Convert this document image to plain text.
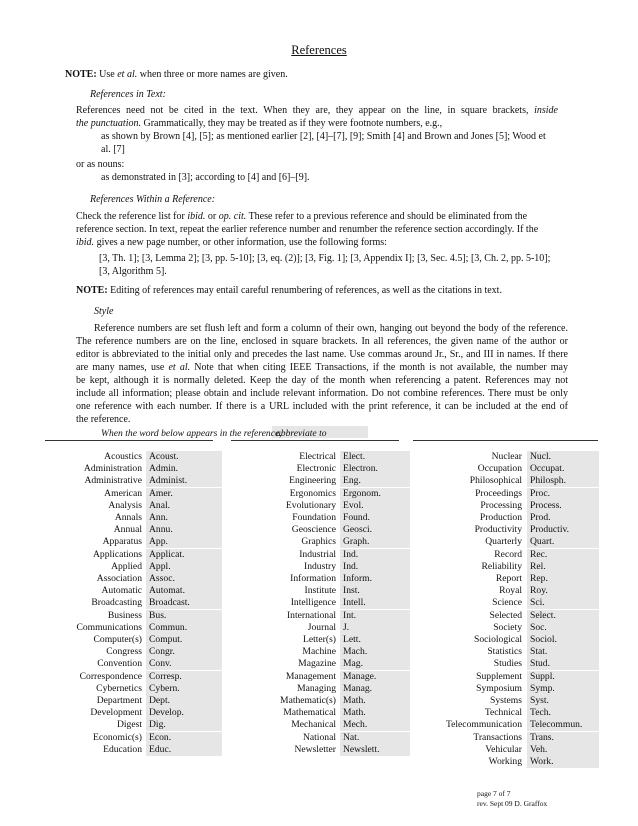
References
NOTE: Use et al. when three or more names are given.
References in Text:
References need not be cited in the text. When they are, they appear on the line, in square brackets, inside
the punctuation. Grammatically, they may be treated as if they were footnote numbers, e.g.,
as shown by Brown [4], [5]; as mentioned earlier [2], [4]–[7], [9]; Smith [4] and Brown and Jones [5]; Wood et
al. [7]
or as nouns:
as demonstrated in [3]; according to [4] and [6]–[9].
References Within a Reference:
Check the reference list for ibid. or op. cit. These refer to a previous reference and should be eliminated from the
reference section. In text, repeat the earlier reference number and renumber the reference section accordingly. If the
ibid. gives a new page number, or other information, use the following forms:
[3, Th. 1]; [3, Lemma 2]; [3, pp. 5-10]; [3, eq. (2)]; [3, Fig. 1]; [3, Appendix I]; [3, Sec. 4.5]; [3, Ch. 2, pp. 5-10];
[3, Algorithm 5].
NOTE: Editing of references may entail careful renumbering of references, as well as the citations in text.
Style
Reference numbers are set flush left and form a column of their own, hanging out beyond the body of the reference.
The reference numbers are on the line, enclosed in square brackets. In all references, the given name of the author or
editor is abbreviated to the initial only and precedes the last name. Use commas around Jr., Sr., and III in names. If there
are many names, use et al. Note that when citing IEEE Transactions, if the month is not available, the number may
be kept, although it is normally deleted. Keep the day of the month when referencing a patent. References may not
include all information; please obtain and include relevant information. Do not combine references. There must be only
one reference with each number. If there is a URL included with the print reference, it can be included at the end of
the reference.
When the word below appears in the reference,
abbreviate to
Acoustics Acoust.
Administration Admin.
Administrative Administ.
American Amer.
Analysis Anal.
Annals Ann.
Annual Annu.
Apparatus App.
Applications Applicat.
Applied Appl.
Association Assoc.
Automatic Automat.
Broadcasting Broadcast.
Business Bus.
Communications Commun.
Computer(s) Comput.
Congress Congr.
Convention Conv.
Correspondence Corresp.
Cybernetics Cybern.
Department Dept.
Development Develop.
Digest Dig.
Economic(s) Econ.
Education Educ.
Electrical Elect.
Electronic Electron.
Engineering Eng.
Ergonomics Ergonom.
Evolutionary Evol.
Foundation Found.
Geoscience Geosci.
Graphics Graph.
Industrial Ind.
Industry Ind.
Information Inform.
Institute Inst.
Intelligence Intell.
International Int.
Journal J.
Letter(s) Lett.
Machine Mach.
Magazine Mag.
Management Manage.
Managing Manag.
Mathematic(s) Math.
Mathematical Math.
Mechanical Mech.
National Nat.
Newsletter Newslett.
Nuclear Nucl.
Occupation Occupat.
Philosophical Philosph.
Proceedings Proc.
Processing Process.
Production Prod.
Productivity Productiv.
Quarterly Quart.
Record Rec.
Reliability Rel.
Report Rep.
Royal Roy.
Science Sci.
Selected Select.
Society Soc.
Sociological Sociol.
Statistics Stat.
Studies Stud.
Supplement Suppl.
Symposium Symp.
Systems Syst.
Technical Tech.
Telecommunication Telecommun.
Transactions Trans.
Vehicular Veh.
Working Work.
page 7 of 7
rev. Sept 09 D. Graffox
